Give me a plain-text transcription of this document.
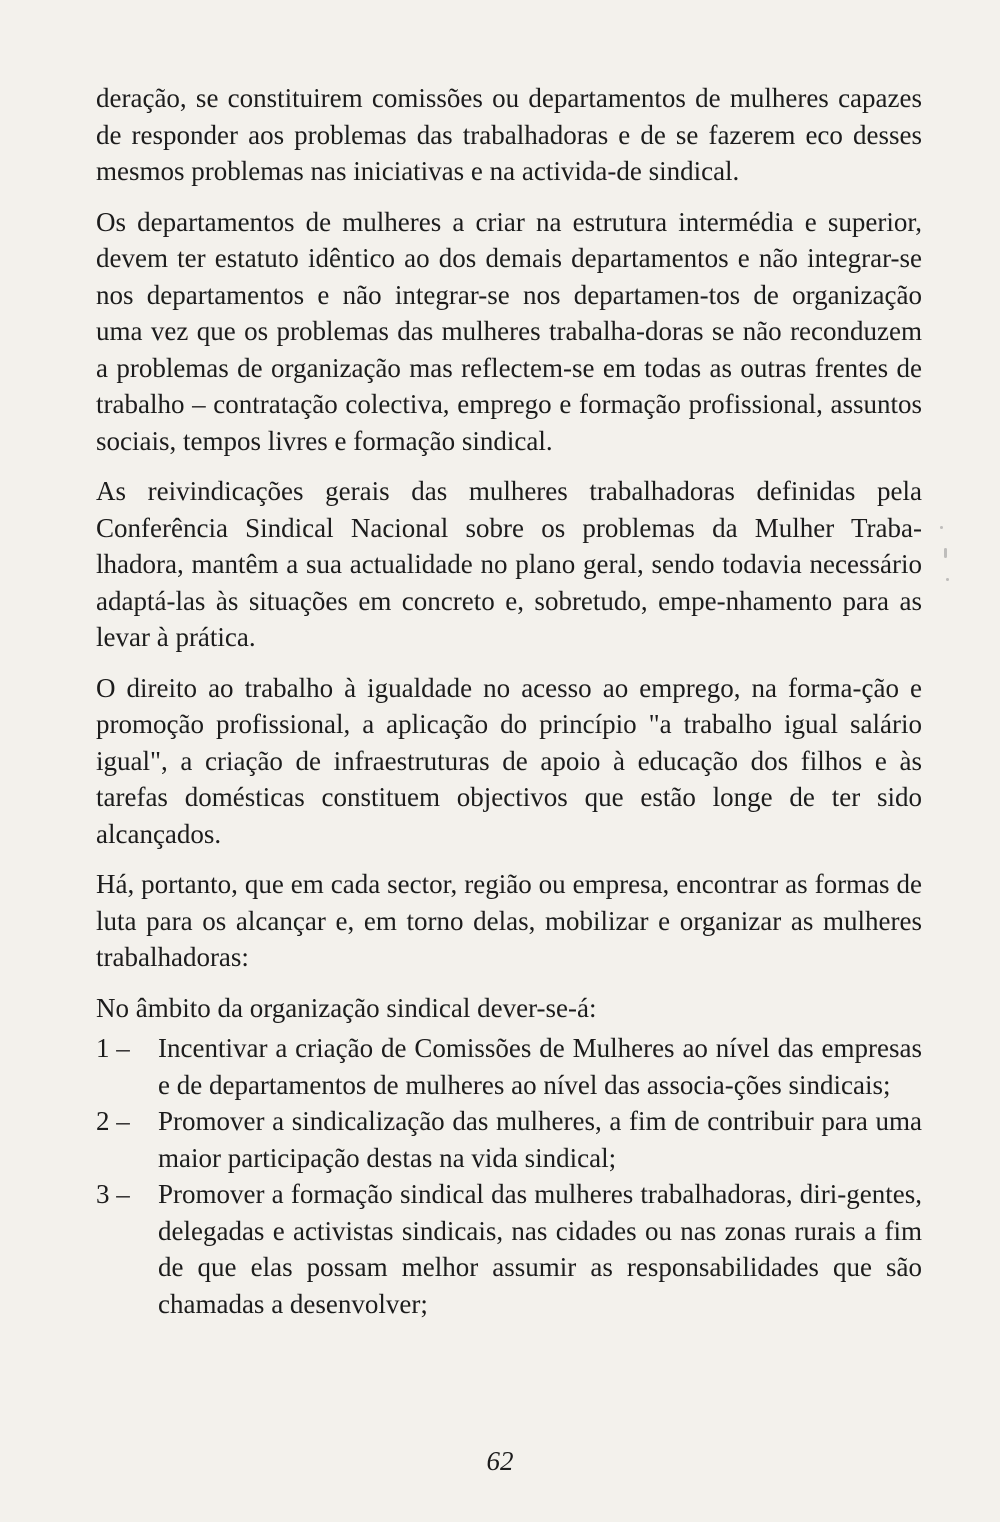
deração, se constituirem comissões ou departamentos de mulheres capazes de responder aos problemas das trabalhadoras e de se fazerem eco desses mesmos problemas nas iniciativas e na activida-de sindical.

Os departamentos de mulheres a criar na estrutura intermédia e superior, devem ter estatuto idêntico ao dos demais departamentos e não integrar-se nos departamentos e não integrar-se nos departamen-tos de organização uma vez que os problemas das mulheres trabalha-doras se não reconduzem a problemas de organização mas reflectem-se em todas as outras frentes de trabalho – contratação colectiva, emprego e formação profissional, assuntos sociais, tempos livres e formação sindical.

As reivindicações gerais das mulheres trabalhadoras definidas pela Conferência Sindical Nacional sobre os problemas da Mulher Traba-lhadora, mantêm a sua actualidade no plano geral, sendo todavia necessário adaptá-las às situações em concreto e, sobretudo, empe-nhamento para as levar à prática.

O direito ao trabalho à igualdade no acesso ao emprego, na forma-ção e promoção profissional, a aplicação do princípio "a trabalho igual salário igual", a criação de infraestruturas de apoio à educação dos filhos e às tarefas domésticas constituem objectivos que estão longe de ter sido alcançados.

Há, portanto, que em cada sector, região ou empresa, encontrar as formas de luta para os alcançar e, em torno delas, mobilizar e organizar as mulheres trabalhadoras:

No âmbito da organização sindical dever-se-á:

1 –	Incentivar a criação de Comissões de Mulheres ao nível das empresas e de departamentos de mulheres ao nível das associa-ções sindicais;
2 –	Promover a sindicalização das mulheres, a fim de contribuir para uma maior participação destas na vida sindical;
3 –	Promover a formação sindical das mulheres trabalhadoras, diri-gentes, delegadas e activistas sindicais, nas cidades ou nas zonas rurais a fim de que elas possam melhor assumir as responsabilidades que são chamadas a desenvolver;
62
